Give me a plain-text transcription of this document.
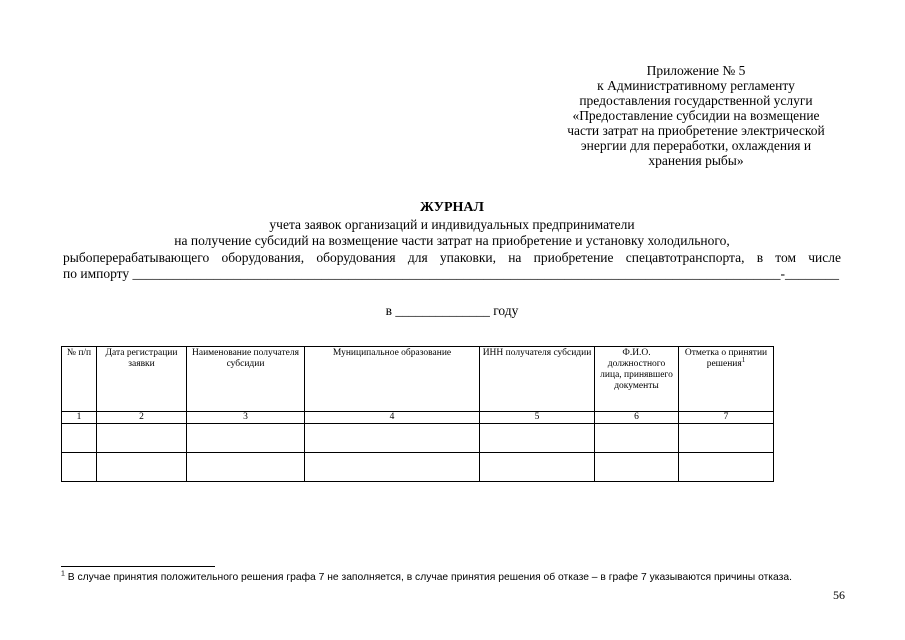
Приложение № 5
к Административному регламенту
предоставления государственной услуги
«Предоставление субсидии на возмещение
части затрат на приобретение электрической
энергии для переработки, охлаждения и
хранения рыбы»
ЖУРНАЛ
учета заявок организаций и индивидуальных предприниматели
на получение субсидий на возмещение части затрат на приобретение и установку холодильного,
рыбоперерабатывающего оборудования, оборудования для упаковки, на приобретение спецавтотранспорта, в том числе
по импорту ________________________________________________________________________________________________-________
в ______________ году
№ п/п	Дата регистрации заявки	Наименование получателя субсидии	Муниципальное образование	ИНН получателя субсидии	Ф.И.О. должностного лица, принявшего документы	Отметка о принятии решения$^1$
1	2	3	4	5	6	7

$^1$ В случае принятия положительного решения графа 7 не заполняется, в случае принятия решения об отказе – в графе 7 указываются причины отказа.
56
